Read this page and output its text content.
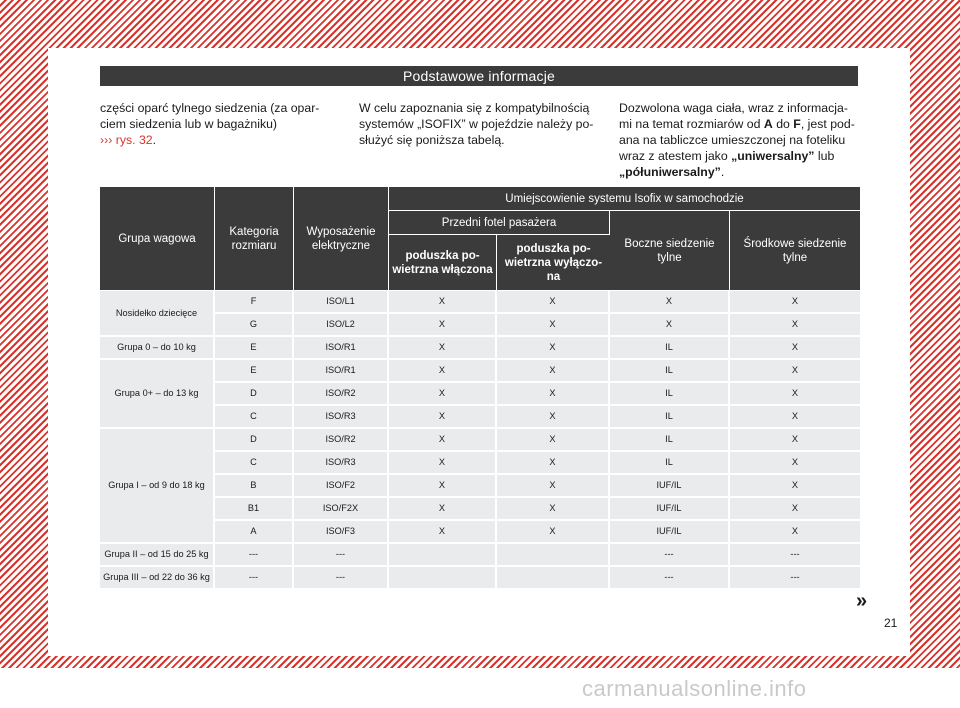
Podstawowe informacje
części oparć tylnego siedzenia (za opar-
ciem siedzenia lub w bagażniku)
››› rys. 32.
W celu zapoznania się z kompatybilnością
systemów „ISOFIX” w pojeździe należy po-
służyć się poniższa tabelą.
Dozwolona waga ciała, wraz z informacja-
mi na temat rozmiarów od A do F, jest pod-
ana na tabliczce umieszczonej na foteliku
wraz z atestem jako „uniwersalny” lub
„półuniwersalny”.
Grupa wagowa	Kategoria rozmiaru	Wyposażenie elektryczne	Umiejscowienie systemu Isofix w samochodzie			
			Przedni fotel pasażera		Boczne siedzenie tylne	Środkowe siedzenie tylne
			poduszka po-wietrzna włączona	poduszka po-wietrzna wyłączo-na		
Nosidełko dziecięce	F	ISO/L1	X	X	X	X
	G	ISO/L2	X	X	X	X
Grupa 0 – do 10 kg	E	ISO/R1	X	X	IL	X
Grupa 0+ – do 13 kg	E	ISO/R1	X	X	IL	X
	D	ISO/R2	X	X	IL	X
	C	ISO/R3	X	X	IL	X
Grupa I – od 9 do 18 kg	D	ISO/R2	X	X	IL	X
	C	ISO/R3	X	X	IL	X
	B	ISO/F2	X	X	IUF/IL	X
	B1	ISO/F2X	X	X	IUF/IL	X
	A	ISO/F3	X	X	IUF/IL	X
Grupa II – od 15 do 25 kg	---	---			---	---
Grupa III – od 22 do 36 kg	---	---			---	---
»
21
carmanualsonline.info
